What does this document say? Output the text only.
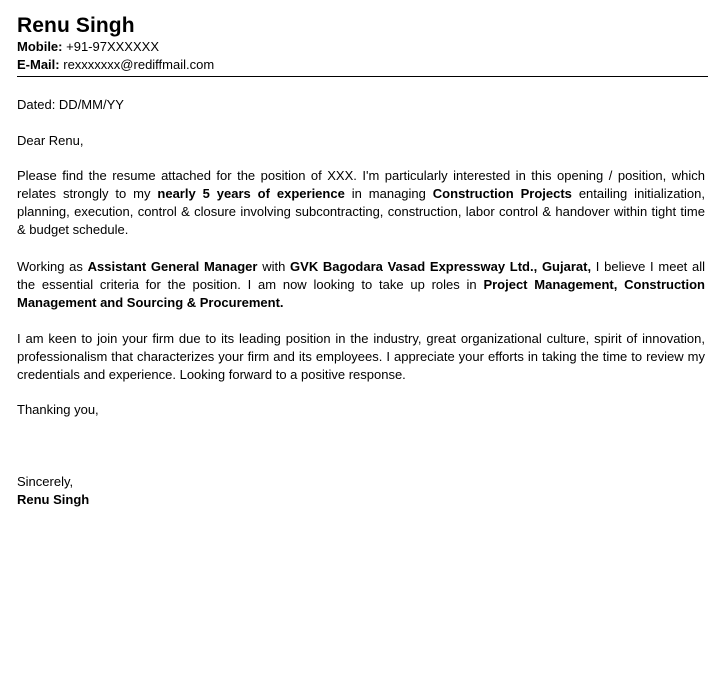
Renu Singh
Mobile: +91-97XXXXXX
E-Mail: rexxxxxxx@rediffmail.com
Dated: DD/MM/YY
Dear Renu,
Please find the resume attached for the position of XXX. I'm particularly interested in this opening / position, which relates strongly to my nearly 5 years of experience in managing Construction Projects entailing initialization, planning, execution, control & closure involving subcontracting, construction, labor control & handover within tight time & budget schedule.
Working as Assistant General Manager with GVK Bagodara Vasad Expressway Ltd., Gujarat, I believe I meet all the essential criteria for the position. I am now looking to take up roles in Project Management, Construction Management and Sourcing & Procurement.
I am keen to join your firm due to its leading position in the industry, great organizational culture, spirit of innovation, professionalism that characterizes your firm and its employees. I appreciate your efforts in taking the time to review my credentials and experience. Looking forward to a positive response.
Thanking you,
Sincerely,
Renu Singh
